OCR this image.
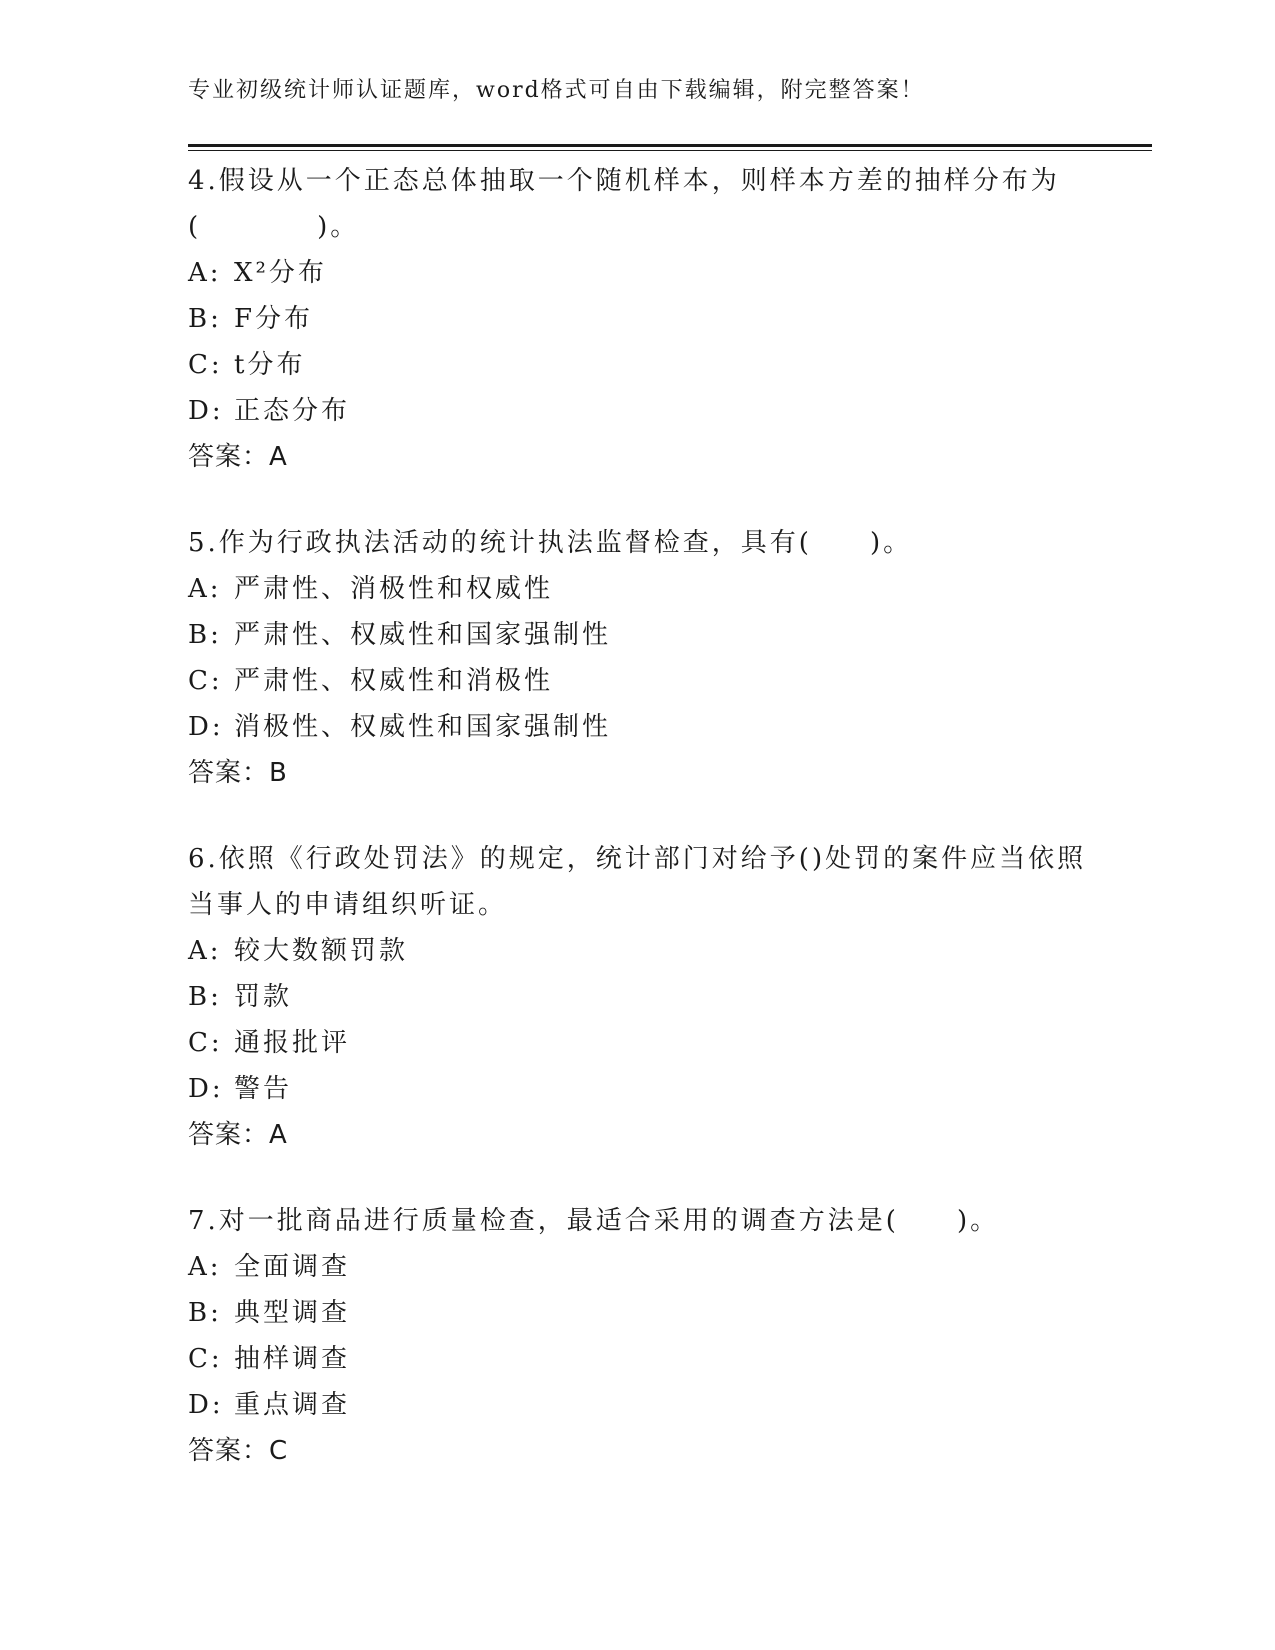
专业初级统计师认证题库，word格式可自由下载编辑，附完整答案！

4.假设从一个正态总体抽取一个随机样本，则样本方差的抽样分布为(　　　　)。

A: X²分布
B: F分布
C: t分布
D: 正态分布
答案：A

5.作为行政执法活动的统计执法监督检查，具有(　　)。

A: 严肃性、消极性和权威性
B: 严肃性、权威性和国家强制性
C: 严肃性、权威性和消极性
D: 消极性、权威性和国家强制性
答案：B

6.依照《行政处罚法》的规定，统计部门对给予()处罚的案件应当依照当事人的申请组织听证。

A: 较大数额罚款
B: 罚款
C: 通报批评
D: 警告
答案：A

7.对一批商品进行质量检查，最适合采用的调查方法是(　　)。

A: 全面调查
B: 典型调查
C: 抽样调查
D: 重点调查
答案：C
